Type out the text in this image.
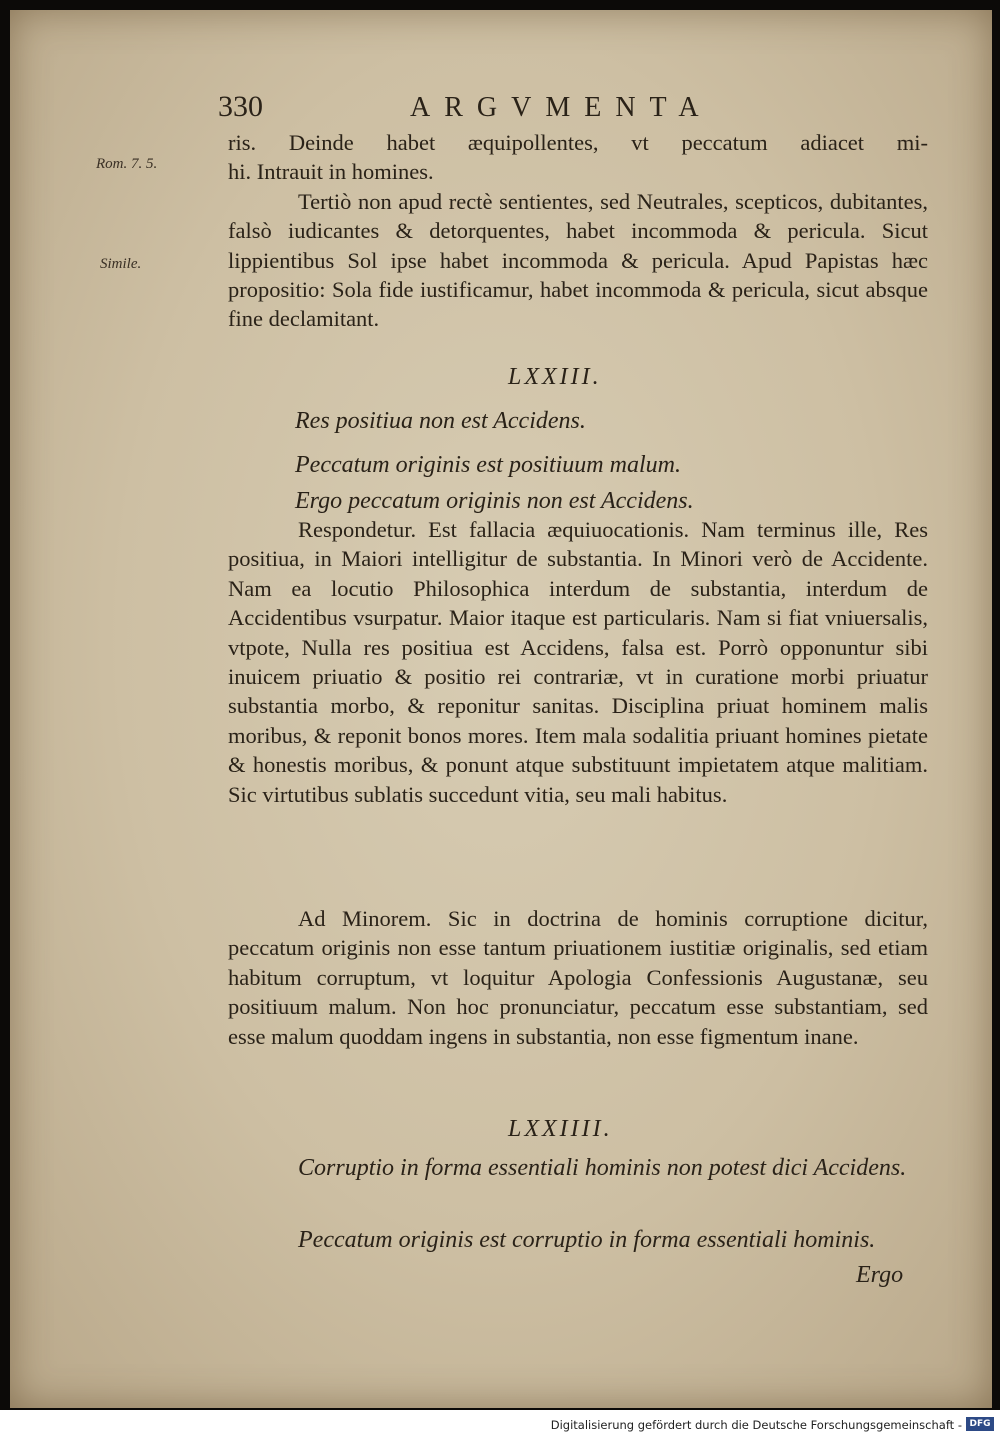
330	ARGVMENTA
Rom. 7. 5.
Simile.

ris. Deinde habet æquipollentes, vt peccatum adiacet mi-

hi. Intrauit in homines.

Tertiò non apud rectè sentientes, sed Neutrales, scepticos, dubitantes, falsò iudicantes & detorquentes, habet incommoda & pericula. Sicut lippientibus Sol ipse habet incommoda & pericula. Apud Papistas hæc propositio: Sola fide iustificamur, habet incommoda & pericula, sicut absque fine declamitant.

LXXIII.
Res positiua non est Accidens.
Peccatum originis est positiuum malum.
Ergo peccatum originis non est Accidens.

Respondetur. Est fallacia æquiuocationis. Nam terminus ille, Res positiua, in Maiori intelligitur de substantia. In Minori verò de Accidente. Nam ea locutio Philosophica interdum de substantia, interdum de Accidentibus vsurpatur. Maior itaque est particularis. Nam si fiat vniuersalis, vtpote, Nulla res positiua est Accidens, falsa est. Porrò opponuntur sibi inuicem priuatio & positio rei contrariæ, vt in curatione morbi priuatur substantia morbo, & reponitur sanitas. Disciplina priuat hominem malis moribus, & reponit bonos mores. Item mala sodalitia priuant homines pietate & honestis moribus, & ponunt atque substituunt impietatem atque malitiam. Sic virtutibus sublatis succedunt vitia, seu mali habitus.

Ad Minorem. Sic in doctrina de hominis corruptione dicitur, peccatum originis non esse tantum priuationem iustitiæ originalis, sed etiam habitum corruptum, vt loquitur Apologia Confessionis Augustanæ, seu positiuum malum. Non hoc pronunciatur, peccatum esse substantiam, sed esse malum quoddam ingens in substantia, non esse figmentum inane.

LXXIIII.

Corruptio in forma essentiali hominis non potest dici Accidens.

Peccatum originis est corruptio in forma essentiali hominis.

Ergo
Digitalisierung gefördert durch die Deutsche Forschungsgemeinschaft - DFG
